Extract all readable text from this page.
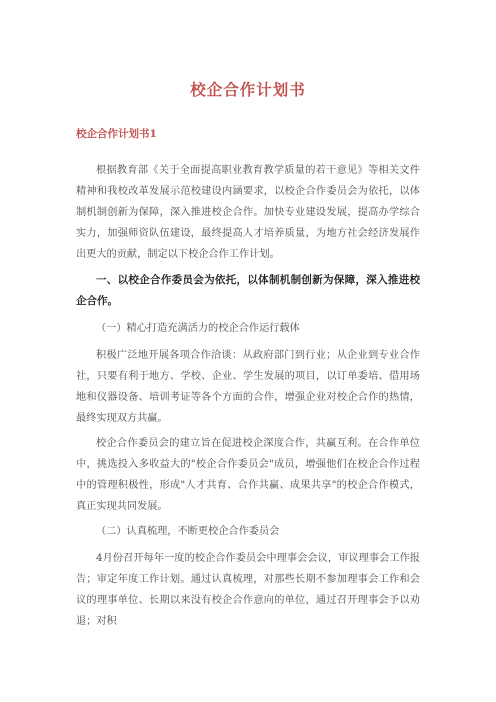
校企合作计划书
校企合作计划书1
根据教育部《关于全面提高职业教育教学质量的若干意见》等相关文件精神和我校改革发展示范校建设内涵要求，以校企合作委员会为依托，以体制机制创新为保障，深入推进校企合作。加快专业建设发展，提高办学综合实力，加强师资队伍建设，最终提高人才培养质量，为地方社会经济发展作出更大的贡献，制定以下校企合作工作计划。
一、以校企合作委员会为依托，以体制机制创新为保障，深入推进校企合作。
（一）精心打造充满活力的校企合作运行载体
积极广泛地开展各项合作洽谈：从政府部门到行业；从企业到专业合作社，只要有利于地方、学校、企业、学生发展的项目，以订单委培、借用场地和仪器设备、培训考证等各个方面的合作，增强企业对校企合作的热情，最终实现双方共赢。
校企合作委员会的建立旨在促进校企深度合作，共赢互利。在合作单位中，挑选投入多收益大的"校企合作委员会"成员，增强他们在校企合作过程中的管理积极性，形成"人才共育、合作共赢、成果共享"的校企合作模式，真正实现共同发展。
（二）认真梳理，不断更校企合作委员会
4月份召开每年一度的校企合作委员会中理事会会议，审议理事会工作报告；审定年度工作计划。通过认真梳理，对那些长期不参加理事会工作和会议的理事单位、长期以来没有校企合作意向的单位，通过召开理事会予以劝退；对积
